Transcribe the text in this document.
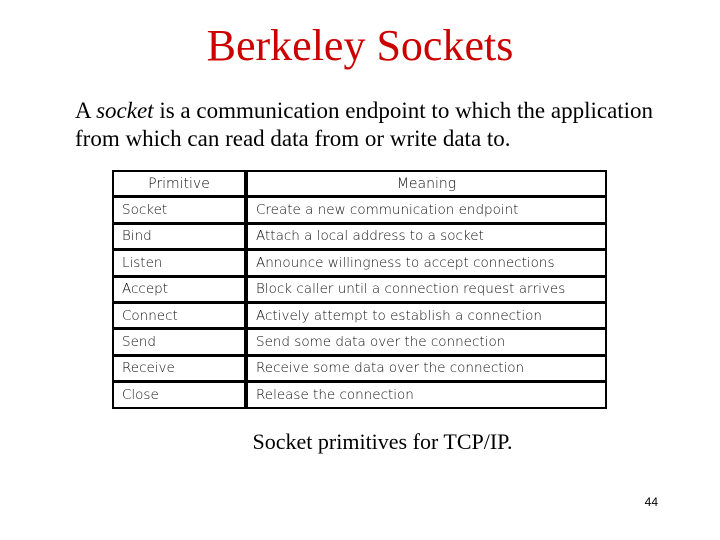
Berkeley Sockets
A socket is a communication endpoint to which the application from which can read data from or write data to.
Primitive	Meaning
Socket	Create a new communication endpoint
Bind	Attach a local address to a socket
Listen	Announce willingness to accept connections
Accept	Block caller until a connection request arrives
Connect	Actively attempt to establish a connection
Send	Send some data over the connection
Receive	Receive some data over the connection
Close	Release the connection
Socket primitives for TCP/IP.
44
